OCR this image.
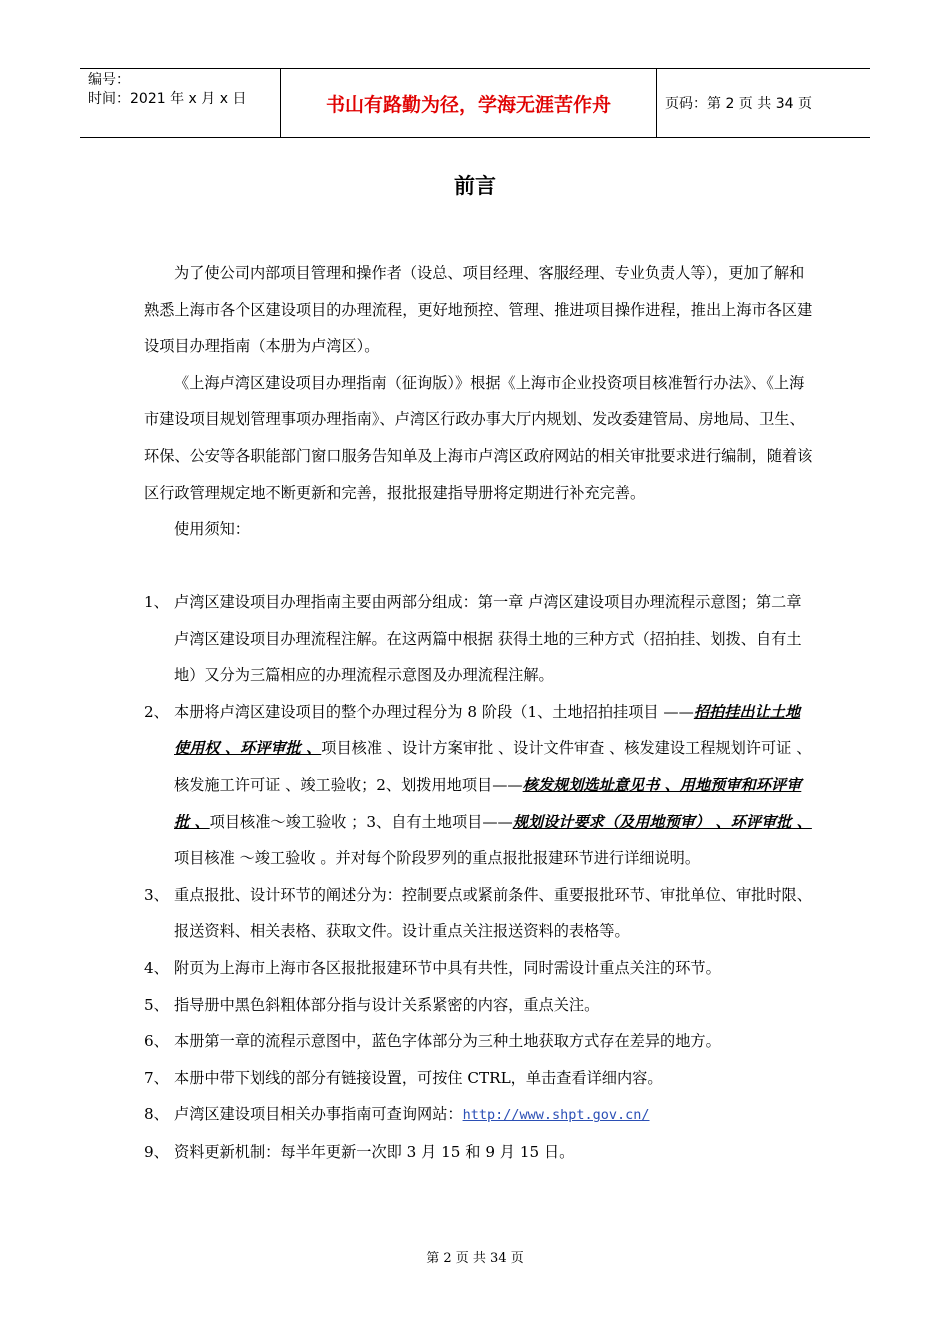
编号：
时间：2021 年 x 月 x 日	书山有路勤为径，学海无涯苦作舟	页码：第 2 页 共 34 页
前言

为了使公司内部项目管理和操作者（设总、项目经理、客服经理、专业负责人等），更加了解和熟悉上海市各个区建设项目的办理流程，更好地预控、管理、推进项目操作进程，推出上海市各区建设项目办理指南（本册为卢湾区）。

《上海卢湾区建设项目办理指南（征询版）》根据《上海市企业投资项目核准暂行办法》、《上海市建设项目规划管理事项办理指南》、卢湾区行政办事大厅内规划、发改委建管局、房地局、卫生、环保、公安等各职能部门窗口服务告知单及上海市卢湾区政府网站的相关审批要求进行编制，随着该区行政管理规定地不断更新和完善，报批报建指导册将定期进行补充完善。

使用须知：

1、 卢湾区建设项目办理指南主要由两部分组成：第一章 卢湾区建设项目办理流程示意图；第二章 卢湾区建设项目办理流程注解。在这两篇中根据 获得土地的三种方式（招拍挂、划拨、自有土地）又分为三篇相应的办理流程示意图及办理流程注解。
2、 本册将卢湾区建设项目的整个办理过程分为 8 阶段（1、土地招拍挂项目 ——招拍挂出让土地使用权 、环评审批 、项目核准 、设计方案审批 、设计文件审查 、核发建设工程规划许可证 、核发施工许可证 、竣工验收；2、划拨用地项目——核发规划选址意见书 、用地预审和环评审批 、项目核准～竣工验收 ；3、自有土地项目——规划设计要求（及用地预审） 、环评审批 、项目核准 ～竣工验收 。并对每个阶段罗列的重点报批报建环节进行详细说明。
3、 重点报批、设计环节的阐述分为：控制要点或紧前条件、重要报批环节、审批单位、审批时限、报送资料、相关表格、获取文件。设计重点关注报送资料的表格等。
4、 附页为上海市上海市各区报批报建环节中具有共性，同时需设计重点关注的环节。
5、 指导册中黑色斜粗体部分指与设计关系紧密的内容，重点关注。
6、 本册第一章的流程示意图中，蓝色字体部分为三种土地获取方式存在差异的地方。
7、 本册中带下划线的部分有链接设置，可按住 CTRL，单击查看详细内容。
8、 卢湾区建设项目相关办事指南可查询网站：http://www.shpt.gov.cn/
9、 资料更新机制：每半年更新一次即 3 月 15 和 9 月 15 日。
第 2 页 共 34 页
